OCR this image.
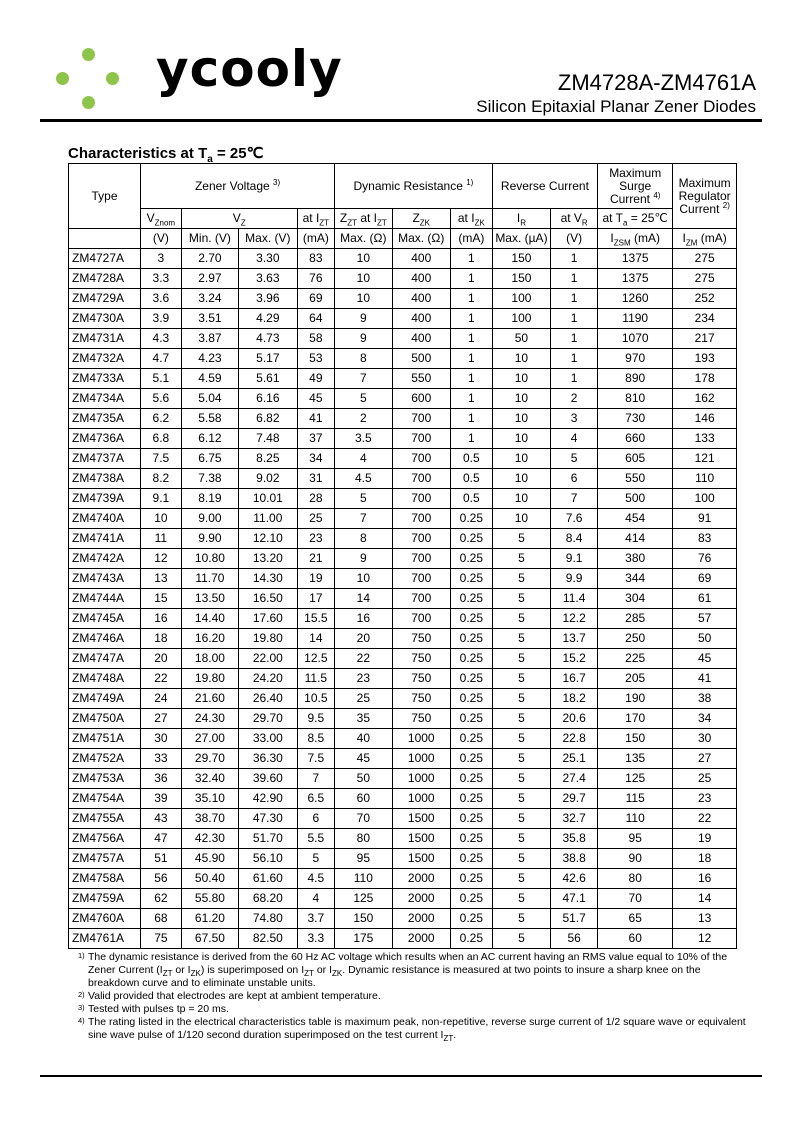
ycooly	ZM4728A-ZM4761A
Silicon Epitaxial Planar Zener Diodes
Characteristics at $T_a$ = 25℃
Type	Zener Voltage $^{3)}$				Dynamic Resistance $^{1)}$			Reverse Current		Maximum Surge Current $^{4)}$	Maximum Regulator Current $^{2)}$
	$V_{Znom}$	$V_Z$		at $I_{ZT}$	$Z_{ZT}$ at $I_{ZT}$	$Z_{ZK}$	at $I_{ZK}$	$I_R$	at $V_R$	at $T_a$ = 25℃	
	(V)	Min. (V)	Max. (V)	(mA)	Max. (Ω)	Max. (Ω)	(mA)	Max. (µA)	(V)	$I_{ZSM}$ (mA)	$I_{ZM}$ (mA)
ZM4727A	3	2.70	3.30	83	10	400	1	150	1	1375	275
ZM4728A	3.3	2.97	3.63	76	10	400	1	150	1	1375	275
ZM4729A	3.6	3.24	3.96	69	10	400	1	100	1	1260	252
ZM4730A	3.9	3.51	4.29	64	9	400	1	100	1	1190	234
ZM4731A	4.3	3.87	4.73	58	9	400	1	50	1	1070	217
ZM4732A	4.7	4.23	5.17	53	8	500	1	10	1	970	193
ZM4733A	5.1	4.59	5.61	49	7	550	1	10	1	890	178
ZM4734A	5.6	5.04	6.16	45	5	600	1	10	2	810	162
ZM4735A	6.2	5.58	6.82	41	2	700	1	10	3	730	146
ZM4736A	6.8	6.12	7.48	37	3.5	700	1	10	4	660	133
ZM4737A	7.5	6.75	8.25	34	4	700	0.5	10	5	605	121
ZM4738A	8.2	7.38	9.02	31	4.5	700	0.5	10	6	550	110
ZM4739A	9.1	8.19	10.01	28	5	700	0.5	10	7	500	100
ZM4740A	10	9.00	11.00	25	7	700	0.25	10	7.6	454	91
ZM4741A	11	9.90	12.10	23	8	700	0.25	5	8.4	414	83
ZM4742A	12	10.80	13.20	21	9	700	0.25	5	9.1	380	76
ZM4743A	13	11.70	14.30	19	10	700	0.25	5	9.9	344	69
ZM4744A	15	13.50	16.50	17	14	700	0.25	5	11.4	304	61
ZM4745A	16	14.40	17.60	15.5	16	700	0.25	5	12.2	285	57
ZM4746A	18	16.20	19.80	14	20	750	0.25	5	13.7	250	50
ZM4747A	20	18.00	22.00	12.5	22	750	0.25	5	15.2	225	45
ZM4748A	22	19.80	24.20	11.5	23	750	0.25	5	16.7	205	41
ZM4749A	24	21.60	26.40	10.5	25	750	0.25	5	18.2	190	38
ZM4750A	27	24.30	29.70	9.5	35	750	0.25	5	20.6	170	34
ZM4751A	30	27.00	33.00	8.5	40	1000	0.25	5	22.8	150	30
ZM4752A	33	29.70	36.30	7.5	45	1000	0.25	5	25.1	135	27
ZM4753A	36	32.40	39.60	7	50	1000	0.25	5	27.4	125	25
ZM4754A	39	35.10	42.90	6.5	60	1000	0.25	5	29.7	115	23
ZM4755A	43	38.70	47.30	6	70	1500	0.25	5	32.7	110	22
ZM4756A	47	42.30	51.70	5.5	80	1500	0.25	5	35.8	95	19
ZM4757A	51	45.90	56.10	5	95	1500	0.25	5	38.8	90	18
ZM4758A	56	50.40	61.60	4.5	110	2000	0.25	5	42.6	80	16
ZM4759A	62	55.80	68.20	4	125	2000	0.25	5	47.1	70	14
ZM4760A	68	61.20	74.80	3.7	150	2000	0.25	5	51.7	65	13
ZM4761A	75	67.50	82.50	3.3	175	2000	0.25	5	56	60	12
1) The dynamic resistance is derived from the 60 Hz AC voltage which results when an AC current having an RMS value equal to 10% of the Zener Current ($I_{ZT}$ or $I_{ZK}$) is superimposed on $I_{ZT}$ or $I_{ZK}$. Dynamic resistance is measured at two points to insure a sharp knee on the breakdown curve and to eliminate unstable units.
2) Valid provided that electrodes are kept at ambient temperature.
3) Tested with pulses tp = 20 ms.
4) The rating listed in the electrical characteristics table is maximum peak, non-repetitive, reverse surge current of 1/2 square wave or equivalent sine wave pulse of 1/120 second duration superimposed on the test current $I_{ZT}$.
